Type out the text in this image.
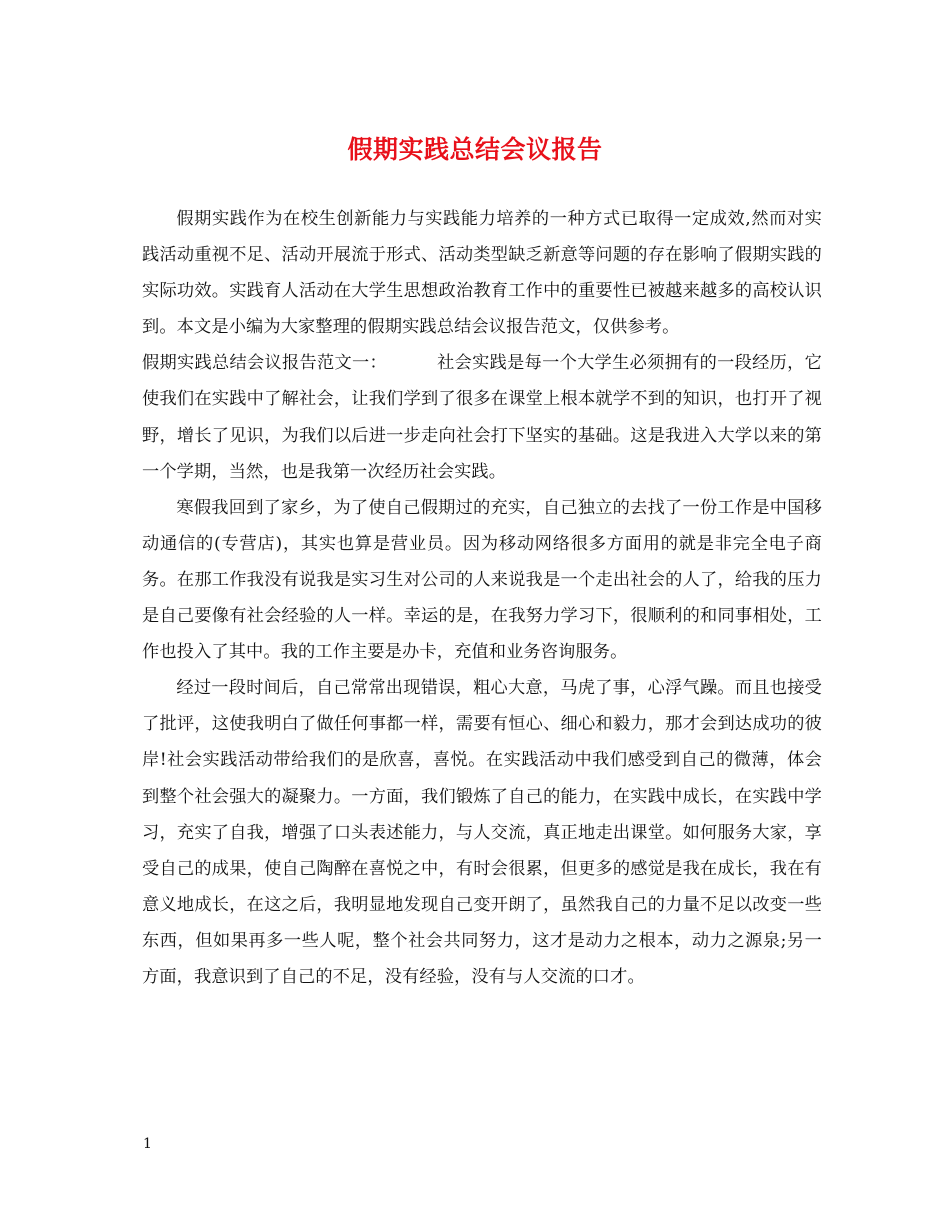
假期实践总结会议报告

假期实践作为在校生创新能力与实践能力培养的一种方式已取得一定成效,然而对实践活动重视不足、活动开展流于形式、活动类型缺乏新意等问题的存在影响了假期实践的实际功效。实践育人活动在大学生思想政治教育工作中的重要性已被越来越多的高校认识到。本文是小编为大家整理的假期实践总结会议报告范文，仅供参考。

假期实践总结会议报告范文一：	社会实践是每一个大学生必须拥有的一段经历，它使我们在实践中了解社会，让我们学到了很多在课堂上根本就学不到的知识，也打开了视野，增长了见识，为我们以后进一步走向社会打下坚实的基础。这是我进入大学以来的第一个学期，当然，也是我第一次经历社会实践。

寒假我回到了家乡，为了使自己假期过的充实，自己独立的去找了一份工作是中国移动通信的(专营店)，其实也算是营业员。因为移动网络很多方面用的就是非完全电子商务。在那工作我没有说我是实习生对公司的人来说我是一个走出社会的人了，给我的压力是自己要像有社会经验的人一样。幸运的是，在我努力学习下，很顺利的和同事相处，工作也投入了其中。我的工作主要是办卡，充值和业务咨询服务。

经过一段时间后，自己常常出现错误，粗心大意，马虎了事，心浮气躁。而且也接受了批评，这使我明白了做任何事都一样，需要有恒心、细心和毅力，那才会到达成功的彼岸!社会实践活动带给我们的是欣喜，喜悦。在实践活动中我们感受到自己的微薄，体会到整个社会强大的凝聚力。一方面，我们锻炼了自己的能力，在实践中成长，在实践中学习，充实了自我，增强了口头表述能力，与人交流，真正地走出课堂。如何服务大家，享受自己的成果，使自己陶醉在喜悦之中，有时会很累，但更多的感觉是我在成长，我在有意义地成长，在这之后，我明显地发现自己变开朗了，虽然我自己的力量不足以改变一些东西，但如果再多一些人呢，整个社会共同努力，这才是动力之根本，动力之源泉;另一方面，我意识到了自己的不足，没有经验，没有与人交流的口才。

1
